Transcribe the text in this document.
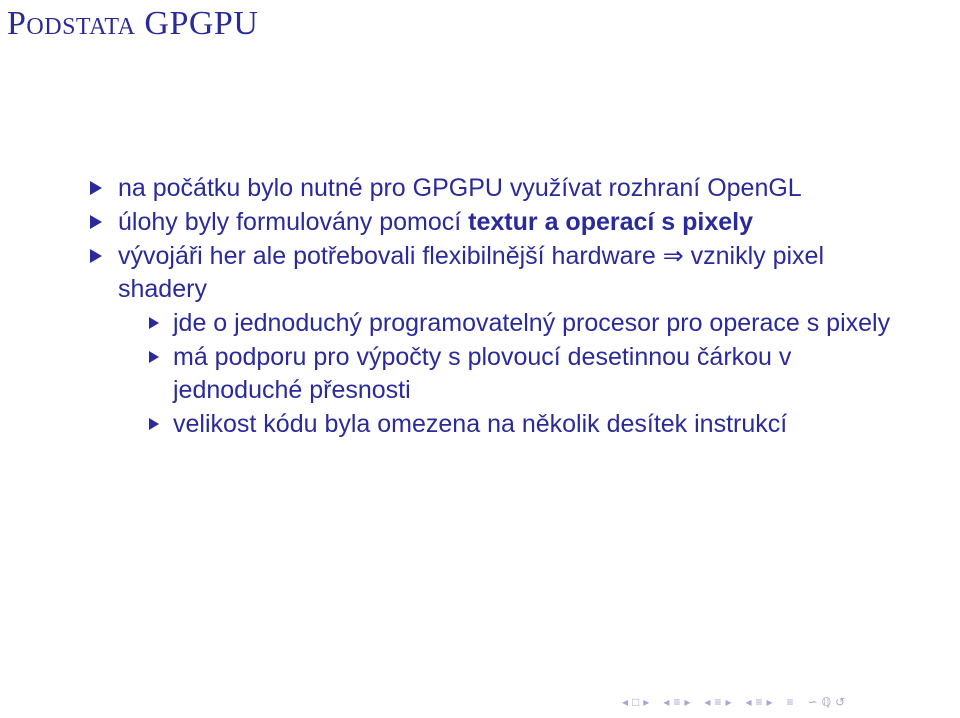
Podstata GPGPU
na počátku bylo nutné pro GPGPU využívat rozhraní OpenGL
úlohy byly formulovány pomocí textur a operací s pixely
vývojáři her ale potřebovali flexibilnější hardware ⇒ vznikly pixel shadery
jde o jednoduchý programovatelný procesor pro operace s pixely
má podporu pro výpočty s plovoucí desetinnou čárkou v jednoduché přesnosti
velikost kódu byla omezena na několik desítek instrukcí
◂ □ ▸ ◂ ≡ ▸ ◂ ≡ ▸ ◂ ≡ ▸ ≡ ∽ ℚ ↺
